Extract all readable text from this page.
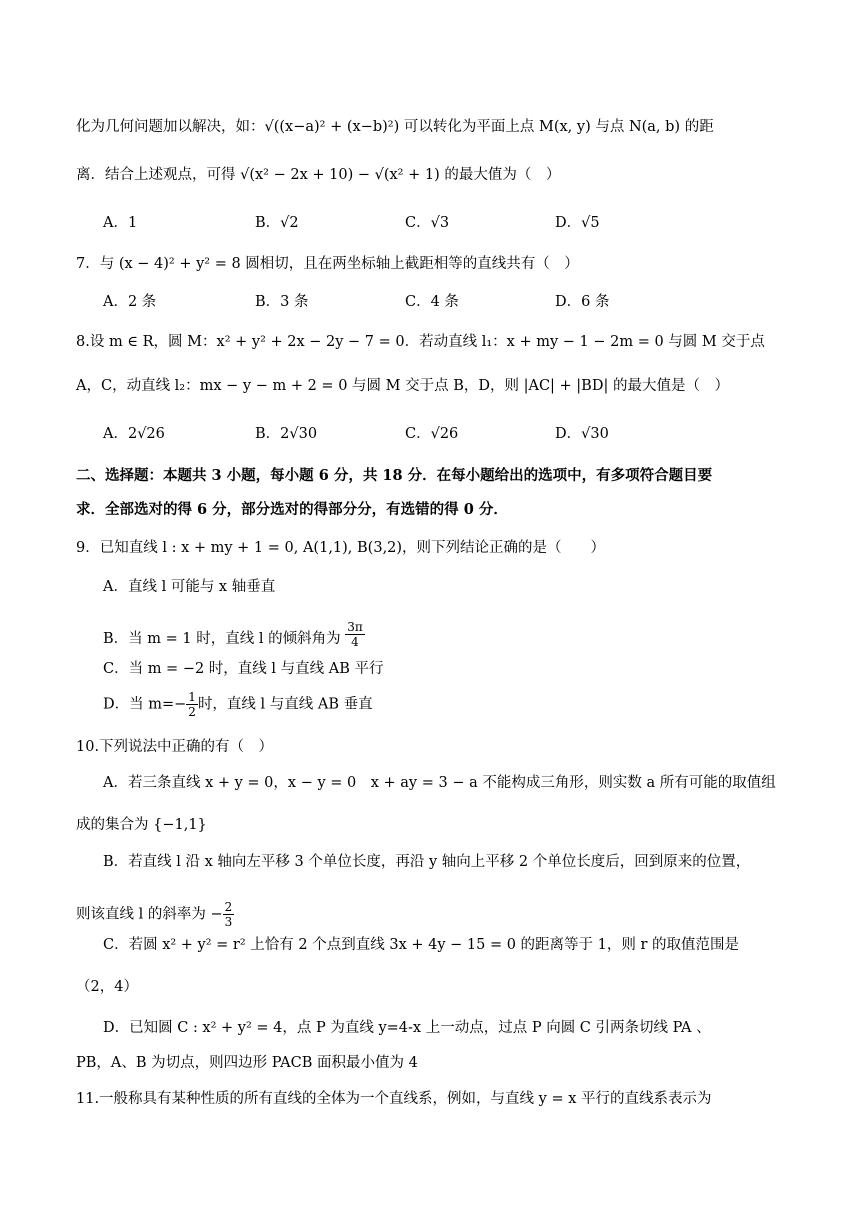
化为几何问题加以解决，如：√((x−a)² + (x−b)²) 可以转化为平面上点 M(x, y) 与点 N(a, b) 的距
离．结合上述观点，可得 √(x² − 2x + 10) − √(x² + 1) 的最大值为（　）
A．1	B．√2	C．√3	D．√5
7．与 (x − 4)² + y² = 8 圆相切，且在两坐标轴上截距相等的直线共有（　）
A．2 条	B．3 条	C．4 条	D．6 条
8.设 m ∈ R，圆 M：x² + y² + 2x − 2y − 7 = 0．若动直线 l₁：x + my − 1 − 2m = 0 与圆 M 交于点
A，C，动直线 l₂：mx − y − m + 2 = 0 与圆 M 交于点 B，D，则 |AC| + |BD| 的最大值是（　）
A．2√26	B．2√30	C．√26	D．√30
二、选择题：本题共 3 小题，每小题 6 分，共 18 分．在每小题给出的选项中，有多项符合题目要
求．全部选对的得 6 分，部分选对的得部分分，有选错的得 0 分．
9．已知直线 l : x + my + 1 = 0, A(1,1), B(3,2)，则下列结论正确的是（　　）
A．直线 l 可能与 x 轴垂直
B．当 m = 1 时，直线 l 的倾斜角为 $\frac{3\pi}{4}$
C．当 m = −2 时，直线 l 与直线 AB 平行
D．当 $m=- \frac{1}{2}$ 时，直线 l 与直线 AB 垂直
10.下列说法中正确的有（　）
A．若三条直线 x + y = 0，x − y = 0　x + ay = 3 − a 不能构成三角形，则实数 a 所有可能的取值组
成的集合为 {−1,1}
B．若直线 l 沿 x 轴向左平移 3 个单位长度，再沿 y 轴向上平移 2 个单位长度后，回到原来的位置，
则该直线 l 的斜率为 − $\frac{2}{3}$
C．若圆 x² + y² = r² 上恰有 2 个点到直线 3x + 4y − 15 = 0 的距离等于 1，则 r 的取值范围是
（2，4）
D．已知圆 C : x² + y² = 4，点 P 为直线 y=4-x 上一动点，过点 P 向圆 C 引两条切线 PA 、
PB，A、B 为切点，则四边形 PACB 面积最小值为 4
11.一般称具有某种性质的所有直线的全体为一个直线系，例如，与直线 y = x 平行的直线系表示为
